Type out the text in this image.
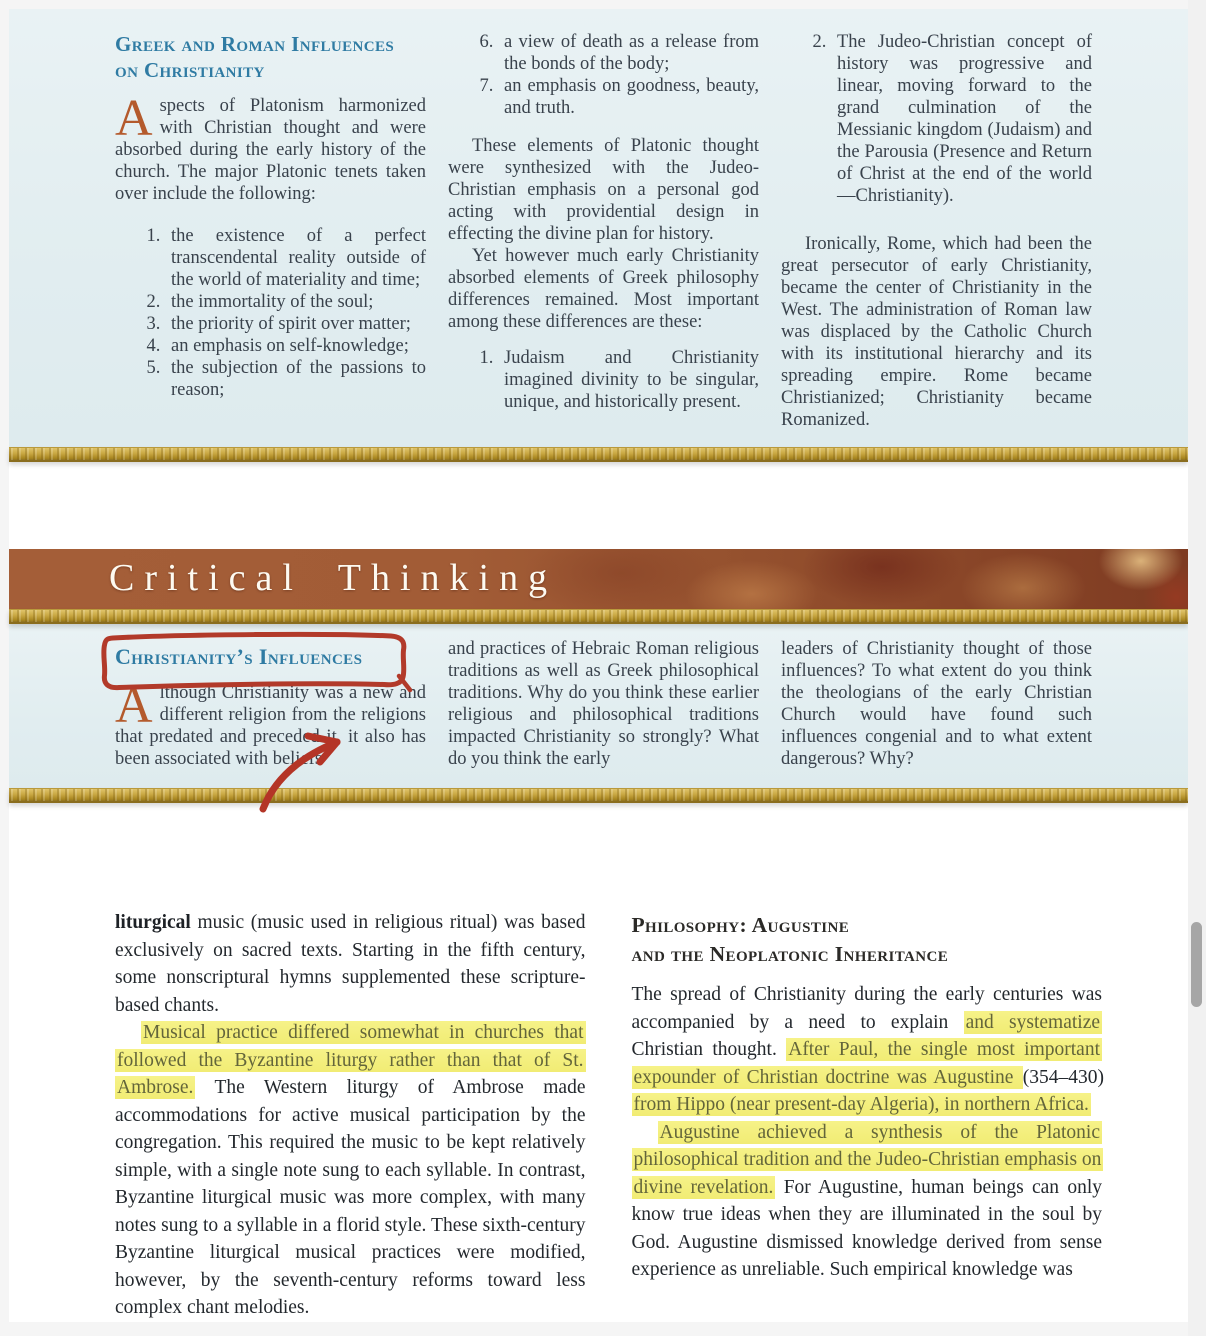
Greek and Roman Influences
on Christianity

Aspects of Platonism harmonized with Christian thought and were absorbed during the early history of the church. The major Platonic tenets taken over include the following:

1. the existence of a perfect transcendental reality outside of the world of materiality and time;
2. the immortality of the soul;
3. the priority of spirit over matter;
4. an emphasis on self-knowledge;
5. the subjection of the passions to reason;
6. a view of death as a release from the bonds of the body;
7. an emphasis on goodness, beauty, and truth.

These elements of Platonic thought were synthesized with the Judeo-Christian emphasis on a personal god acting with providential design in effecting the divine plan for history.

Yet however much early Christianity absorbed elements of Greek philosophy differences remained. Most important among these differences are these:

1. Judaism and Christianity imagined divinity to be singular, unique, and historically present.
2. The Judeo-Christian concept of history was progressive and linear, moving forward to the grand culmination of the Messianic kingdom (Judaism) and the Parousia (Presence and Return of Christ at the end of the world—Christianity).

Ironically, Rome, which had been the great persecutor of early Christianity, became the center of Christianity in the West. The administration of Roman law was displaced by the Catholic Church with its institutional hierarchy and its spreading empire. Rome became Christianized; Christianity became Romanized.

Critical Thinking
Christianity’s Influences

Although Christianity was a new and different religion from the religions that predated and preceded it, it also has been associated with beliefs

and practices of Hebraic Roman religious traditions as well as Greek philosophical traditions. Why do you think these earlier religious and philosophical traditions impacted Christianity so strongly? What do you think the early

leaders of Christianity thought of those influences? To what extent do you think the theologians of the early Christian Church would have found such influences congenial and to what extent dangerous? Why?

liturgical music (music used in religious ritual) was based exclusively on sacred texts. Starting in the fifth century, some nonscriptural hymns supplemented these scripture-based chants.

Musical practice differed somewhat in churches that followed the Byzantine liturgy rather than that of St. Ambrose. The Western liturgy of Ambrose made accommodations for active musical participation by the congregation. This required the music to be kept relatively simple, with a single note sung to each syllable. In contrast, Byzantine liturgical music was more complex, with many notes sung to a syllable in a florid style. These sixth-century Byzantine liturgical musical practices were modified, however, by the seventh-century reforms toward less complex chant melodies.

Philosophy: Augustine
and the Neoplatonic Inheritance

The spread of Christianity during the early centuries was accompanied by a need to explain and systematize Christian thought. After Paul, the single most important expounder of Christian doctrine was Augustine (354–430) from Hippo (near present-day Algeria), in northern Africa.

Augustine achieved a synthesis of the Platonic philosophical tradition and the Judeo-Christian emphasis on divine revelation. For Augustine, human beings can only know true ideas when they are illuminated in the soul by God. Augustine dismissed knowledge derived from sense experience as unreliable. Such empirical knowledge was
